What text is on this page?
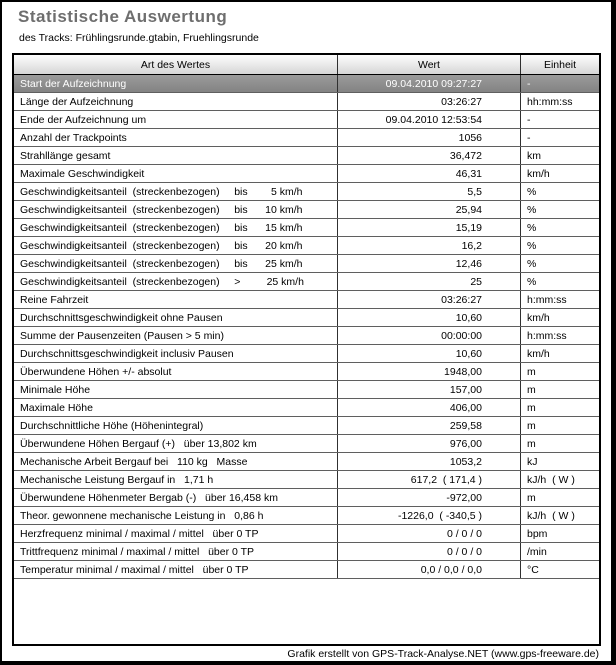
Statistische Auswertung
des Tracks: Frühlingsrunde.gtabin, Fruehlingsrunde
Art des Wertes	Wert	Einheit
Start der Aufzeichnung	09.04.2010 09:27:27	-
Länge der Aufzeichnung	03:26:27	hh:mm:ss
Ende der Aufzeichnung um	09.04.2010 12:53:54	-
Anzahl der Trackpoints	1056	-
Strahllänge gesamt	36,472	km
Maximale Geschwindigkeit	46,31	km/h
Geschwindigkeitsanteil  (streckenbezogen)     bis        5 km/h	5,5	%
Geschwindigkeitsanteil  (streckenbezogen)     bis      10 km/h	25,94	%
Geschwindigkeitsanteil  (streckenbezogen)     bis      15 km/h	15,19	%
Geschwindigkeitsanteil  (streckenbezogen)     bis      20 km/h	16,2	%
Geschwindigkeitsanteil  (streckenbezogen)     bis      25 km/h	12,46	%
Geschwindigkeitsanteil  (streckenbezogen)     >         25 km/h	25	%
Reine Fahrzeit	03:26:27	h:mm:ss
Durchschnittsgeschwindigkeit ohne Pausen	10,60	km/h
Summe der Pausenzeiten (Pausen > 5 min)	00:00:00	h:mm:ss
Durchschnittsgeschwindigkeit inclusiv Pausen	10,60	km/h
Überwundene Höhen +/- absolut	1948,00	m
Minimale Höhe	157,00	m
Maximale Höhe	406,00	m
Durchschnittliche Höhe (Höhenintegral)	259,58	m
Überwundene Höhen Bergauf (+)   über 13,802 km	976,00	m
Mechanische Arbeit Bergauf bei   110 kg   Masse	1053,2	kJ
Mechanische Leistung Bergauf in   1,71 h	617,2  ( 171,4 )	kJ/h  ( W )
Überwundene Höhenmeter Bergab (-)   über 16,458 km	-972,00	m
Theor. gewonnene mechanische Leistung in   0,86 h	-1226,0  ( -340,5 )	kJ/h  ( W )
Herzfrequenz minimal / maximal / mittel   über 0 TP	0 / 0 / 0	bpm
Trittfrequenz minimal / maximal / mittel   über 0 TP	0 / 0 / 0	/min
Temperatur minimal / maximal / mittel   über 0 TP	0,0 / 0,0 / 0,0	°C
Grafik erstellt von GPS-Track-Analyse.NET (www.gps-freeware.de)
